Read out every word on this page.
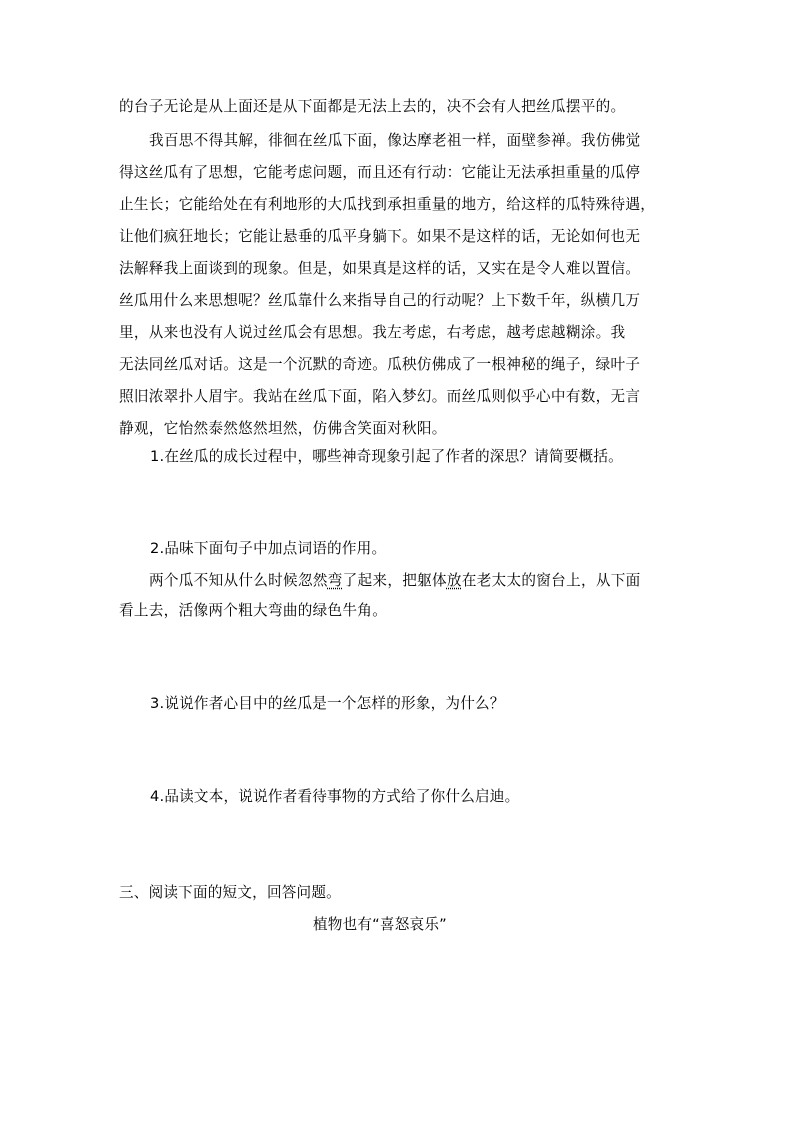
的台子无论是从上面还是从下面都是无法上去的，决不会有人把丝瓜摆平的。
我百思不得其解，徘徊在丝瓜下面，像达摩老祖一样，面壁参禅。我仿佛觉
得这丝瓜有了思想，它能考虑问题，而且还有行动：它能让无法承担重量的瓜停
止生长；它能给处在有利地形的大瓜找到承担重量的地方，给这样的瓜特殊待遇，
让他们疯狂地长；它能让悬垂的瓜平身躺下。如果不是这样的话，无论如何也无
法解释我上面谈到的现象。但是，如果真是这样的话，又实在是令人难以置信。
丝瓜用什么来思想呢？丝瓜靠什么来指导自己的行动呢？上下数千年，纵横几万
里，从来也没有人说过丝瓜会有思想。我左考虑，右考虑，越考虑越糊涂。我
无法同丝瓜对话。这是一个沉默的奇迹。瓜秧仿佛成了一根神秘的绳子，绿叶子
照旧浓翠扑人眉宇。我站在丝瓜下面，陷入梦幻。而丝瓜则似乎心中有数，无言
静观，它怡然泰然悠然坦然，仿佛含笑面对秋阳。
1.在丝瓜的成长过程中，哪些神奇现象引起了作者的深思？请简要概括。
2.品味下面句子中加点词语的作用。
两个瓜不知从什么时候忽然弯了起来，把躯体放在老太太的窗台上，从下面
看上去，活像两个粗大弯曲的绿色牛角。
3.说说作者心目中的丝瓜是一个怎样的形象，为什么？
4.品读文本，说说作者看待事物的方式给了你什么启迪。
三、阅读下面的短文，回答问题。
植物也有“喜怒哀乐”
